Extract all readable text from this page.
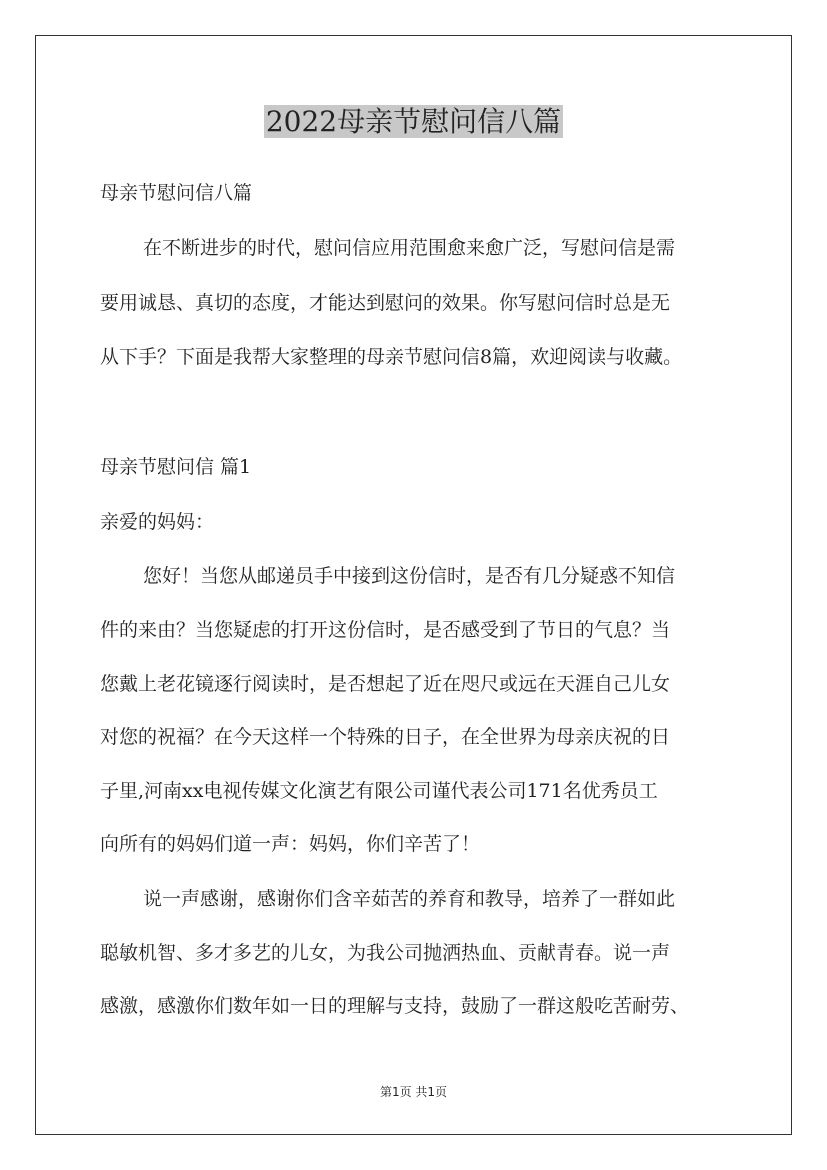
2022母亲节慰问信八篇
母亲节慰问信八篇
在不断进步的时代，慰问信应用范围愈来愈广泛，写慰问信是需
要用诚恳、真切的态度，才能达到慰问的效果。你写慰问信时总是无
从下手？下面是我帮大家整理的母亲节慰问信8篇，欢迎阅读与收藏。
母亲节慰问信 篇1
亲爱的妈妈：
您好！当您从邮递员手中接到这份信时，是否有几分疑惑不知信
件的来由？当您疑虑的打开这份信时，是否感受到了节日的气息？当
您戴上老花镜逐行阅读时，是否想起了近在咫尺或远在天涯自己儿女
对您的祝福？在今天这样一个特殊的日子，在全世界为母亲庆祝的日
子里,河南xx电视传媒文化演艺有限公司谨代表公司171名优秀员工
向所有的妈妈们道一声：妈妈，你们辛苦了！
说一声感谢，感谢你们含辛茹苦的养育和教导，培养了一群如此
聪敏机智、多才多艺的儿女，为我公司抛洒热血、贡献青春。说一声
感激，感激你们数年如一日的理解与支持，鼓励了一群这般吃苦耐劳、
第1页 共1页
